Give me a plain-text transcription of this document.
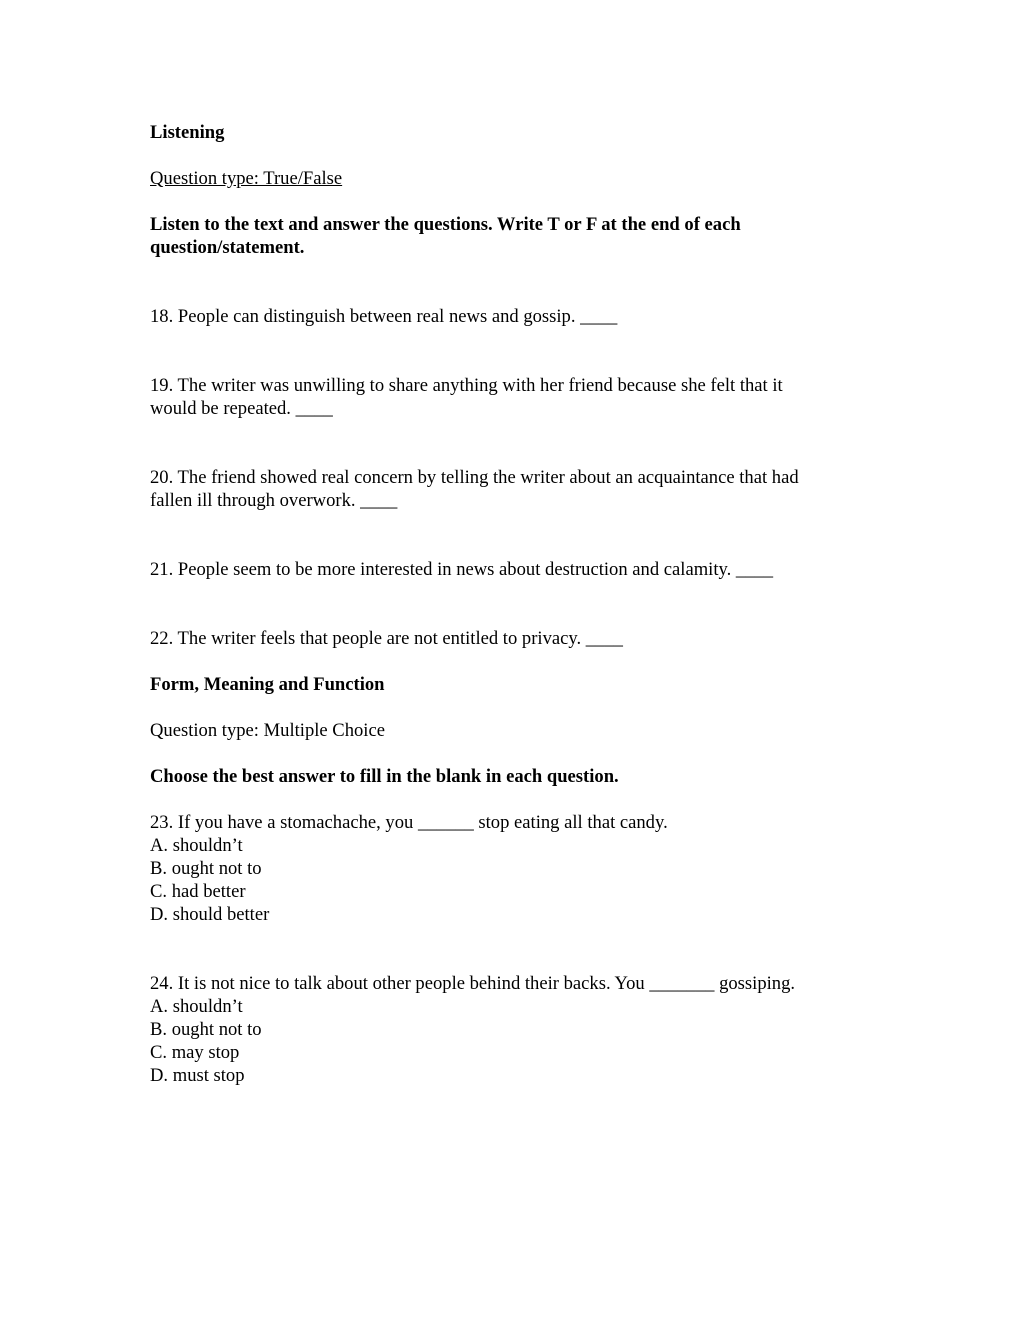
Listening
Question type: True/False
Listen to the text and answer the questions. Write T or F at the end of each
question/statement.
18. People can distinguish between real news and gossip. ____
19. The writer was unwilling to share anything with her friend because she felt that it
would be repeated. ____
20. The friend showed real concern by telling the writer about an acquaintance that had
fallen ill through overwork. ____
21. People seem to be more interested in news about destruction and calamity. ____
22. The writer feels that people are not entitled to privacy. ____
Form, Meaning and Function
Question type: Multiple Choice
Choose the best answer to fill in the blank in each question.
23. If you have a stomachache, you ______ stop eating all that candy.
A. shouldn’t
B. ought not to
C. had better
D. should better
24. It is not nice to talk about other people behind their backs. You _______ gossiping.
A. shouldn’t
B. ought not to
C. may stop
D. must stop
